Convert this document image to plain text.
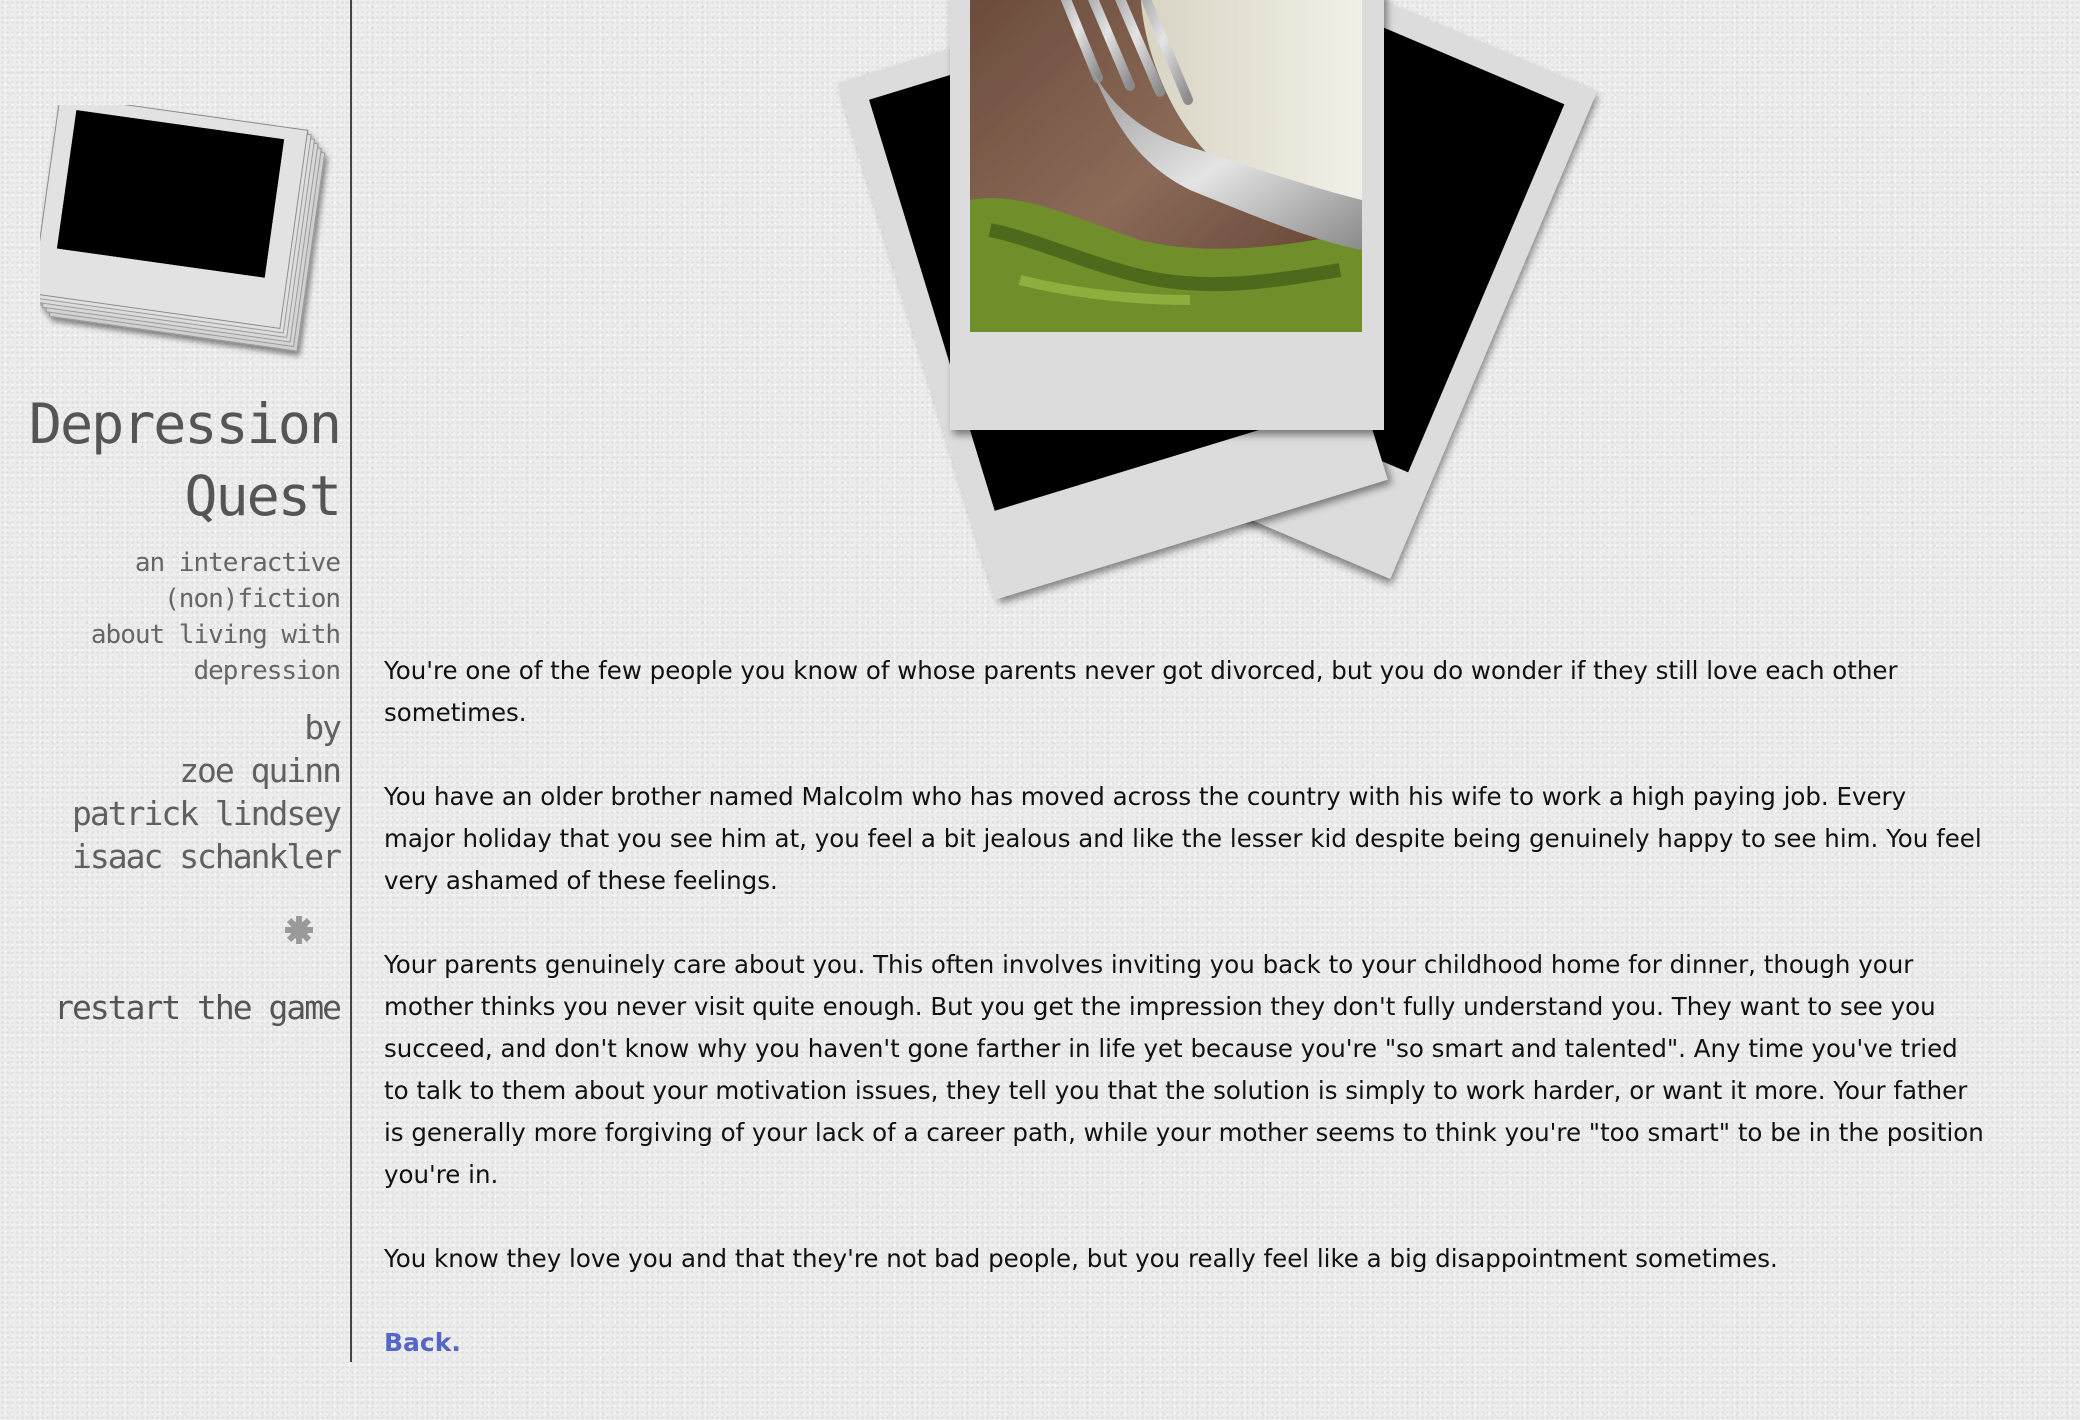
Depression
Quest
an interactive
(non)fiction
about living with
depression
by
zoe quinn
patrick lindsey
isaac schankler
restart the game

You're one of the few people you know of whose parents never got divorced, but you do wonder if they still love each other sometimes.

You have an older brother named Malcolm who has moved across the country with his wife to work a high paying job. Every major holiday that you see him at, you feel a bit jealous and like the lesser kid despite being genuinely happy to see him. You feel very ashamed of these feelings.

Your parents genuinely care about you. This often involves inviting you back to your childhood home for dinner, though your mother thinks you never visit quite enough. But you get the impression they don't fully understand you. They want to see you succeed, and don't know why you haven't gone farther in life yet because you're "so smart and talented". Any time you've tried to talk to them about your motivation issues, they tell you that the solution is simply to work harder, or want it more. Your father is generally more forgiving of your lack of a career path, while your mother seems to think you're "too smart" to be in the position you're in.

You know they love you and that they're not bad people, but you really feel like a big disappointment sometimes.

Back.
